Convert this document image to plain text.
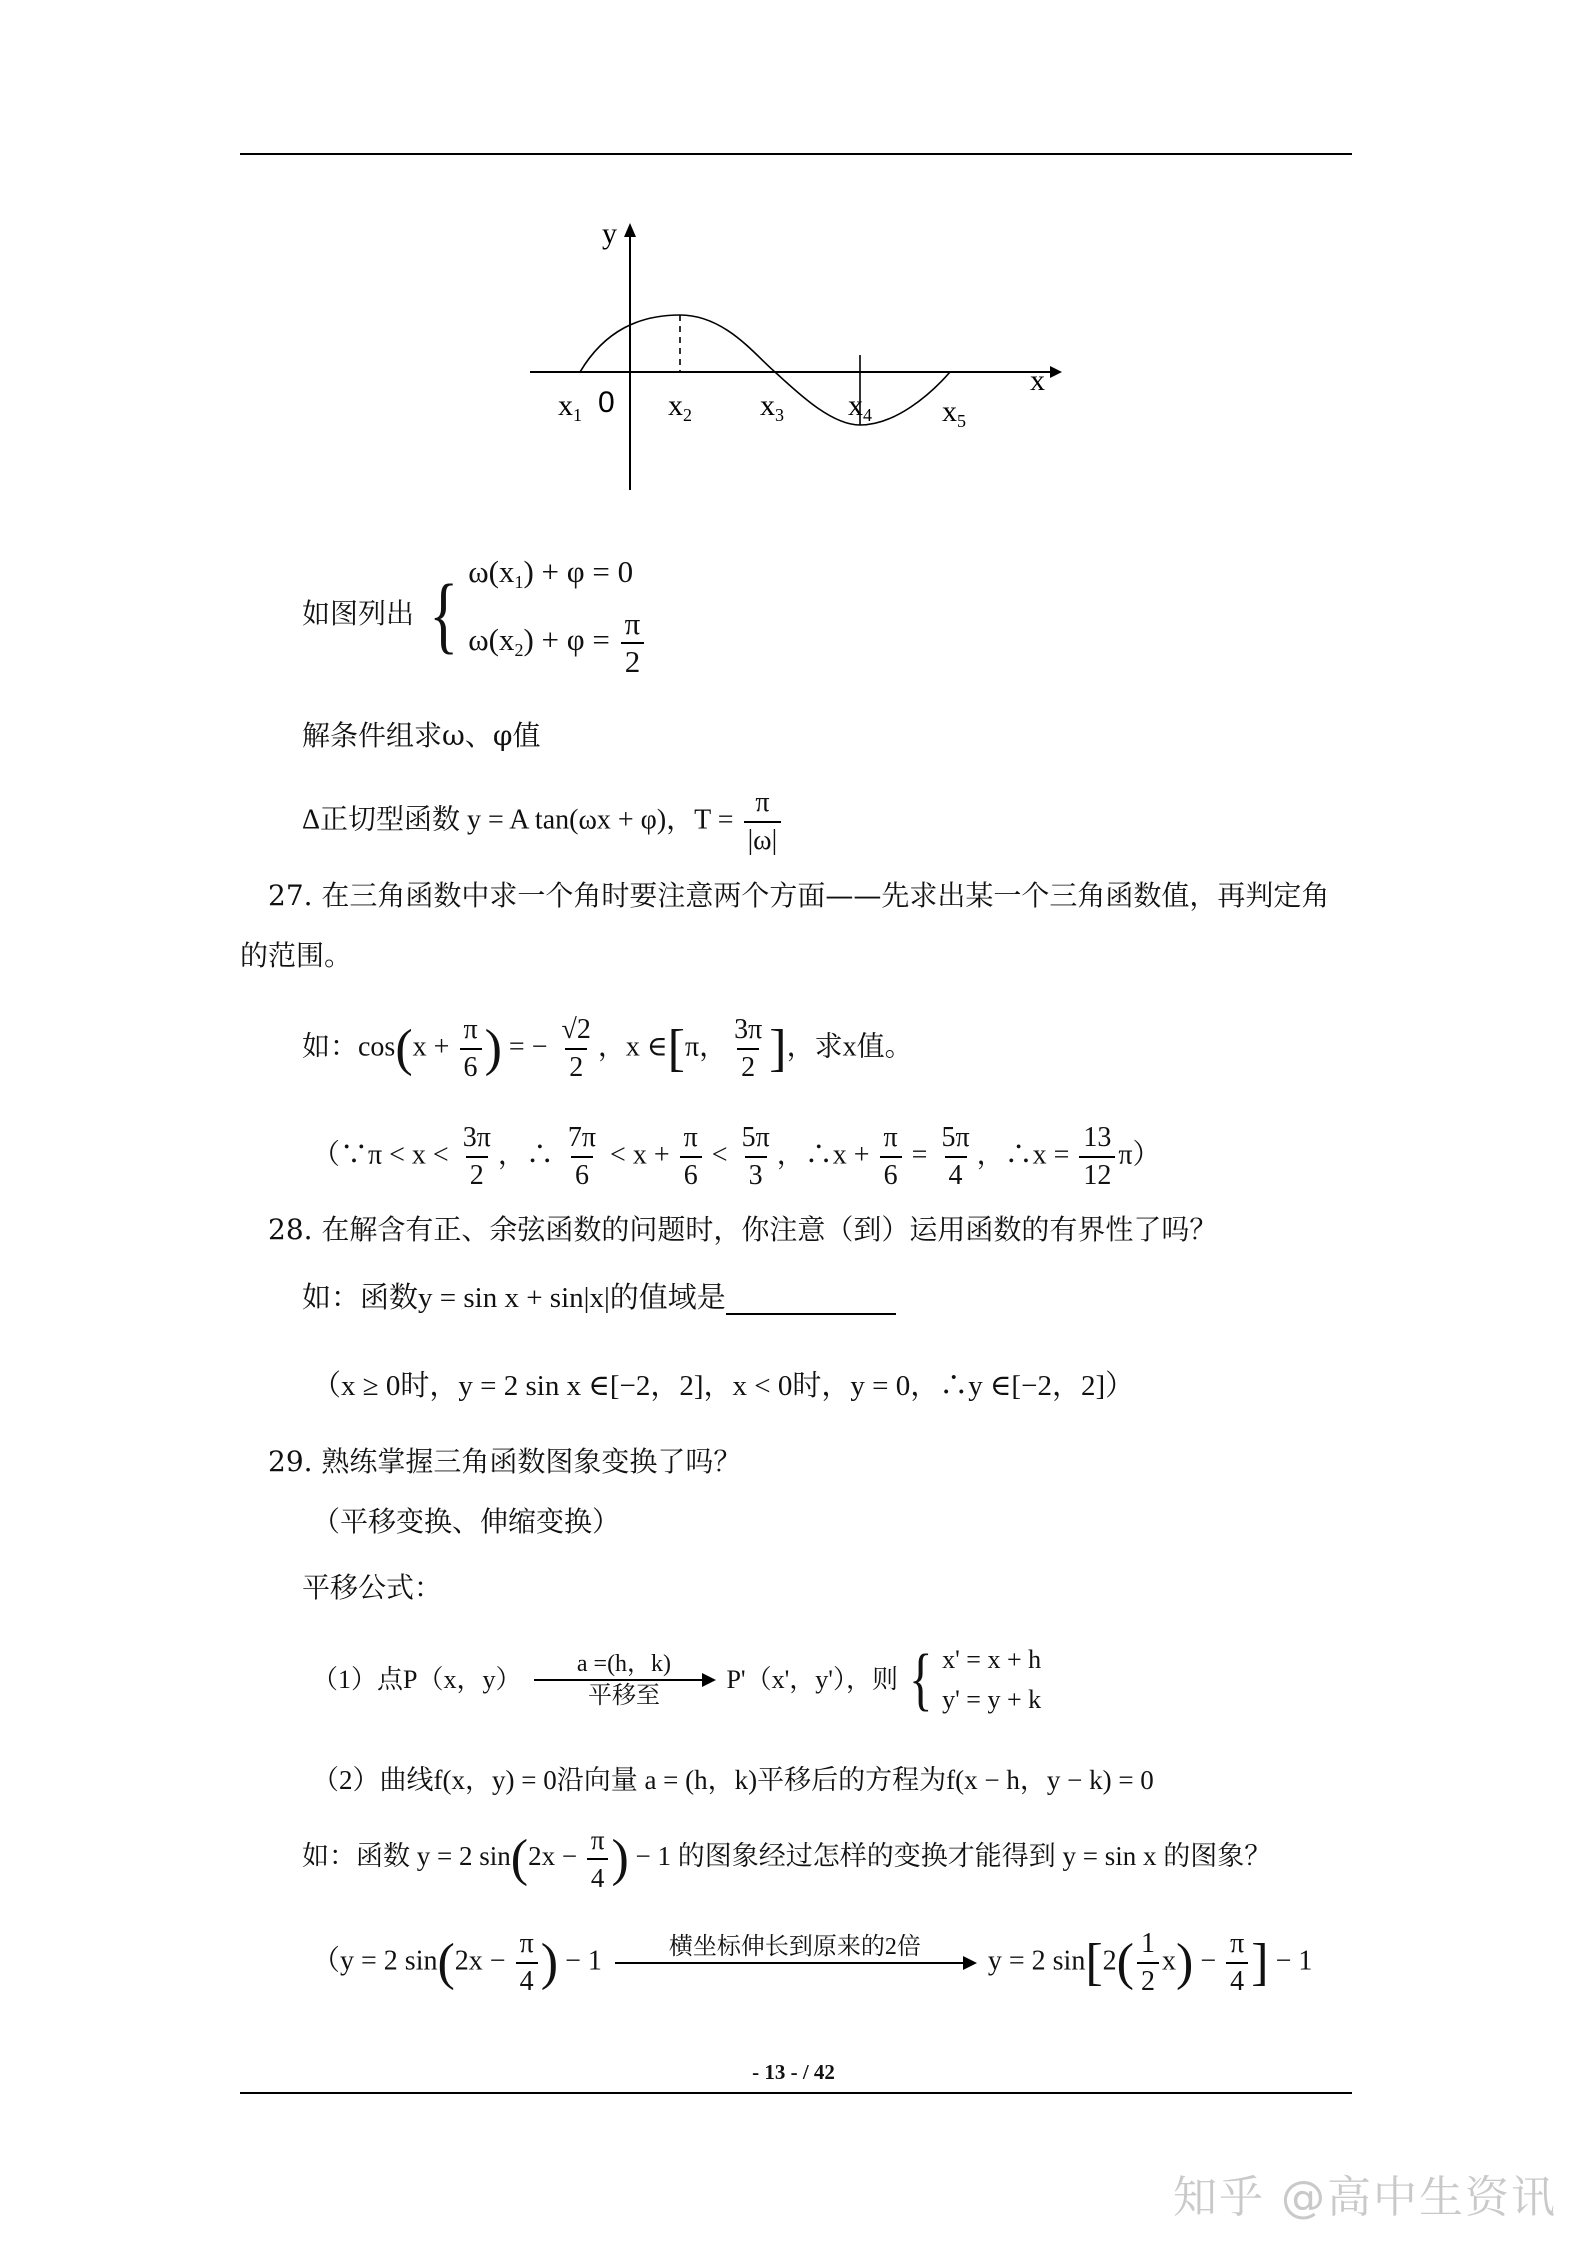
y
x
0
$x_1$	$x_2$ $x_3$ $x_4$ $x_5$
如图列出 { $\omega(x_1) + \varphi = 0$
$\omega(x_2) + \varphi = \frac{\pi}{2}$
解条件组求ω、φ值
Δ正切型函数 y = A tan(ωx + φ)，$T = \frac{\pi}{|\omega|}$
27. 在三角函数中求一个角时要注意两个方面——先求出某一个三角函数值，再判定角
的范围。
如：$\cos(x + \frac{\pi}{6}$ ) = − $\frac{√2}{2}$ ，x ∈[π， $\frac{3\pi}{2}$ ]，求x值。
（∵π < $x < \frac{3\pi}{2}$ ，∴ $\frac{7\pi}{6} < x + \frac{\pi}{6} < \frac{5\pi}{3}$ ，∴x + $\frac{\pi}{6} = \frac{5\pi}{4}$ ，∴x = $\frac{13}{12} \pi$）
28. 在解含有正、余弦函数的问题时，你注意（到）运用函数的有界性了吗？
如：函数y = sin x + sin|x|的值域是
（x ≥ 0时，y = 2 sin x ∈[−2，2]，x < 0时，y = 0，∴y ∈[−2，2]）
29. 熟练掌握三角函数图象变换了吗？
（平移变换、伸缩变换）
平移公式：
（1）点P（x，y）
a =(h，k)
平移至
P'（x'，y'），则 { x' = x + h
y' = y + k
（2）曲线f(x，y) = 0沿向量 a = (h，k)平移后的方程为f(x − h，y − k) = 0
如：函数 y = 2 $\sin(2x - \frac{\pi}{4}$ ) − 1 的图象经过怎样的变换才能得到 y = sin x 的图象？
（y = 2 $\sin(2x - \frac{\pi}{4}$ ) − 1	横坐标伸长到原来的2倍
y = 2 $\sin[2( \frac{1}{2} x) - \frac{\pi}{4}$ ] − 1
- 13 - / 42
知乎 @高中生资讯
